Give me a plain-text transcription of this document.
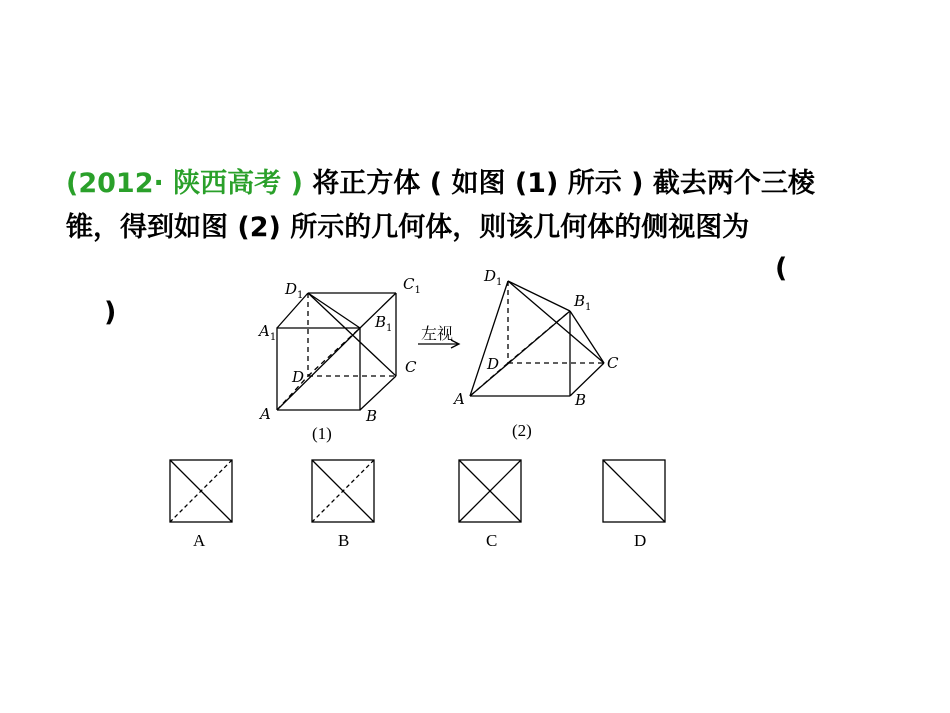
(2012· 陕西高考 ) 将正方体 ( 如图 (1) 所示 ) 截去两个三棱
锥，得到如图 (2) 所示的几何体，则该几何体的侧视图为
(
)
$D_1$
$C_1$
$A_1$
$B_1$
D
C
A	B
(1)
左视
$D_1$
$B_1$
D	C
A	B
(2)
A	B	C	D
